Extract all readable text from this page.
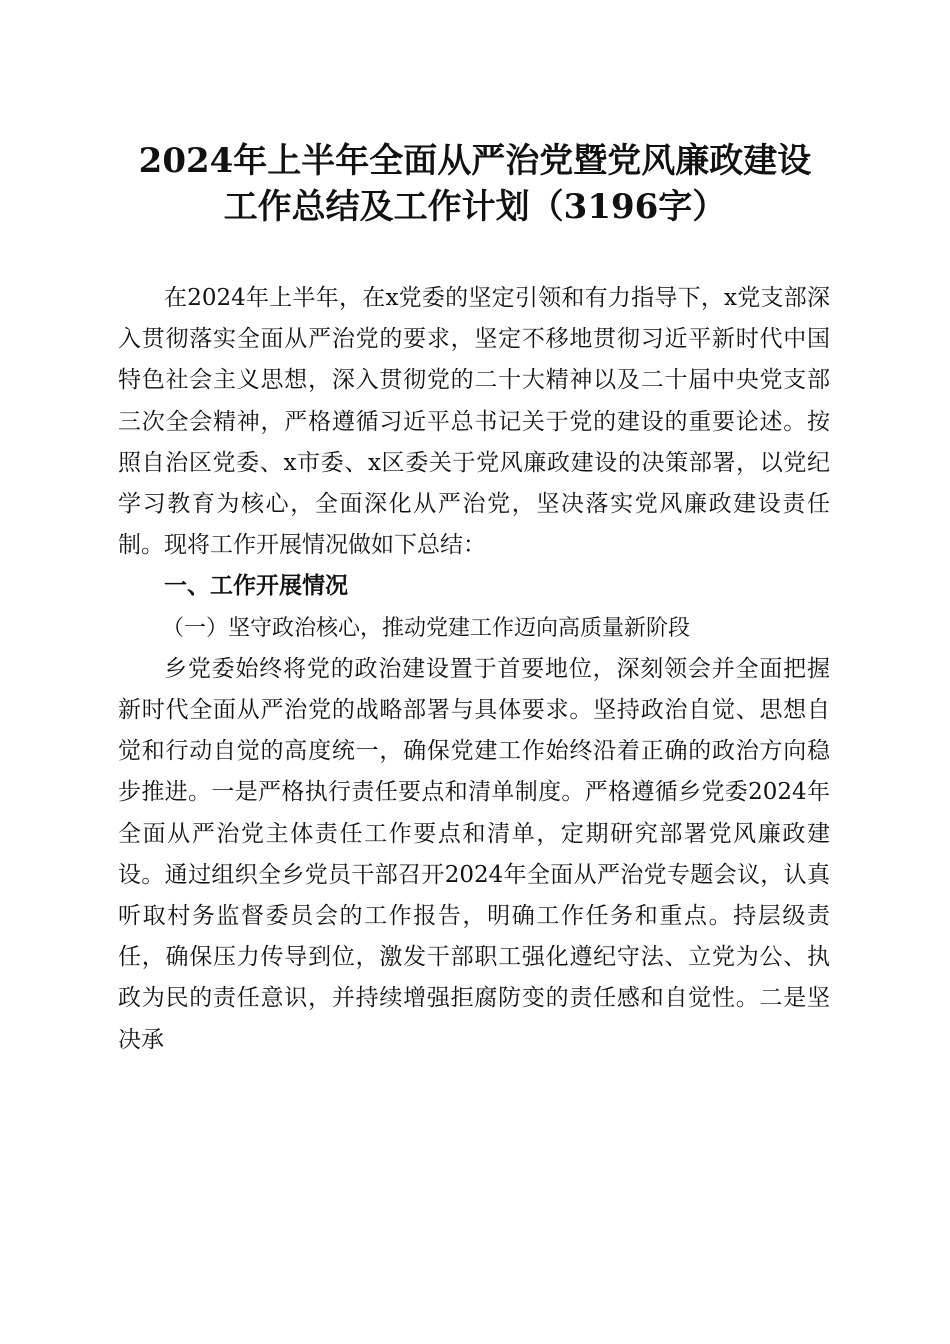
2024年上半年全面从严治党暨党风廉政建设
工作总结及工作计划（3196字）

在2024年上半年，在x党委的坚定引领和有力指导下，x党支部深入贯彻落实全面从严治党的要求，坚定不移地贯彻习近平新时代中国特色社会主义思想，深入贯彻党的二十大精神以及二十届中央党支部三次全会精神，严格遵循习近平总书记关于党的建设的重要论述。按照自治区党委、x市委、x区委关于党风廉政建设的决策部署，以党纪学习教育为核心，全面深化从严治党，坚决落实党风廉政建设责任制。现将工作开展情况做如下总结：

一、工作开展情况

（一）坚守政治核心，推动党建工作迈向高质量新阶段

乡党委始终将党的政治建设置于首要地位，深刻领会并全面把握新时代全面从严治党的战略部署与具体要求。坚持政治自觉、思想自觉和行动自觉的高度统一，确保党建工作始终沿着正确的政治方向稳步推进。一是严格执行责任要点和清单制度。严格遵循乡党委2024年全面从严治党主体责任工作要点和清单，定期研究部署党风廉政建设。通过组织全乡党员干部召开2024年全面从严治党专题会议，认真听取村务监督委员会的工作报告，明确工作任务和重点。持层级责任，确保压力传导到位，激发干部职工强化遵纪守法、立党为公、执政为民的责任意识，并持续增强拒腐防变的责任感和自觉性。二是坚决承
